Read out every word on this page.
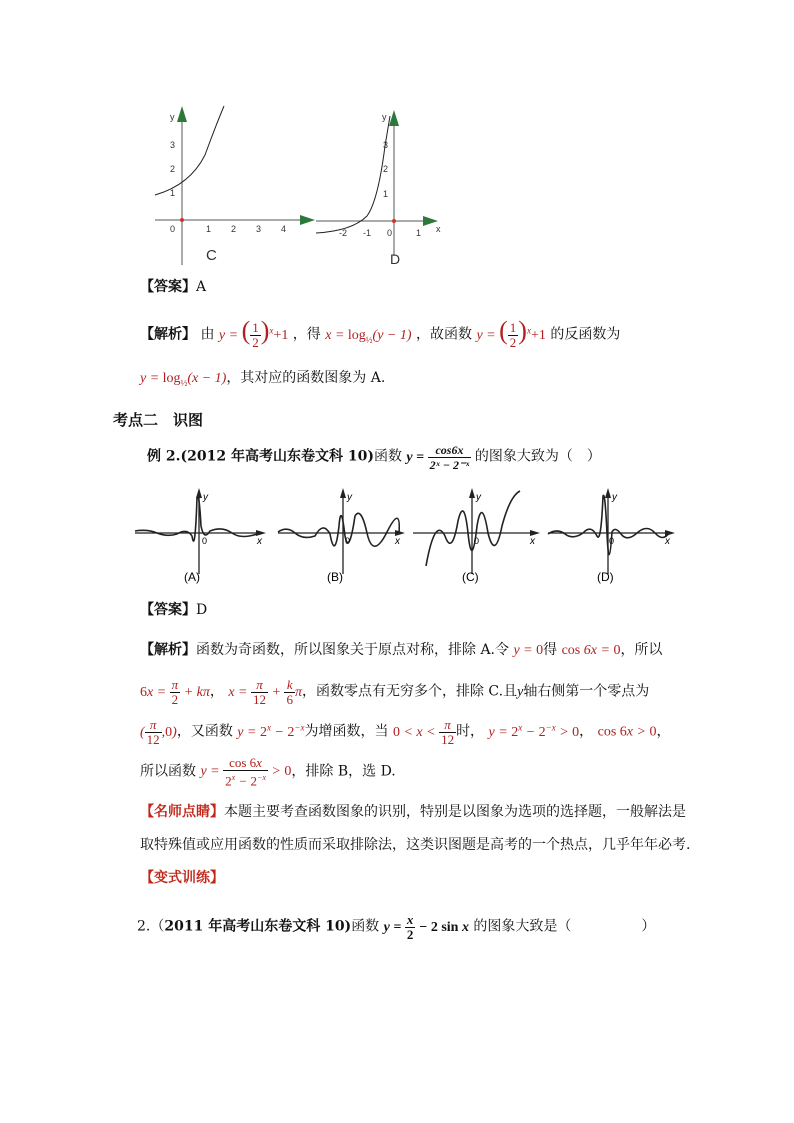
y
3
2
1
0	1 2 3 4
C
y
3
2
1
-2 -1 0	1 x
D
【答案】A
【解析】 由 y = ( $\frac{1}{2} )^x+1$ ，得 $x = \log_{\frac{1}{2}}(y - 1)$ ，故函数 y = ( $\frac{1}{2} )^x+1$ 的反函数为
$y = \log_{\frac{1}{2}}(x - 1)$，其对应的函数图象为 A.
考点二　识图
例 2.(2012 年高考山东卷文科 10)函数 $y = \frac{\cos 6x}{\text{2ˣ − 2⁻ˣ}}$ 的图象大致为（　）
y
x
0
(A)
y
x
0
(B)
y
x
0
(C)
y
x
0
(D)
【答案】D
【解析】函数为奇函数，所以图象关于原点对称，排除 A.令 y = 0得 cos 6x = 0，所以
$6x = \frac{\pi}{2} + k\pi$， $x = \frac{\pi}{12} + \frac{k}{6}$ π，函数零点有无穷多个，排除 C.且y轴右侧第一个零点为
( $\frac{\pi}{12} ,0$)，又函数 $y = 2^x - 2^{-x}$为增函数，当 $0 < x < \frac{\pi}{12}$ 时， $y = 2^x - 2^{-x} > 0$， cos 6x > 0，
所以函数 $y = \frac{\cos 6x}{2^x - 2^{-x}} > 0$，排除 B，选 D.
【名师点睛】本题主要考查函数图象的识别，特别是以图象为选项的选择题，一般解法是
取特殊值或应用函数的性质而采取排除法，这类识图题是高考的一个热点，几乎年年必考.
【变式训练】
2.（2011 年高考山东卷文科 10)函数 $y = \frac{x}{2} - 2$ sin x 的图象大致是（　　　　　）
